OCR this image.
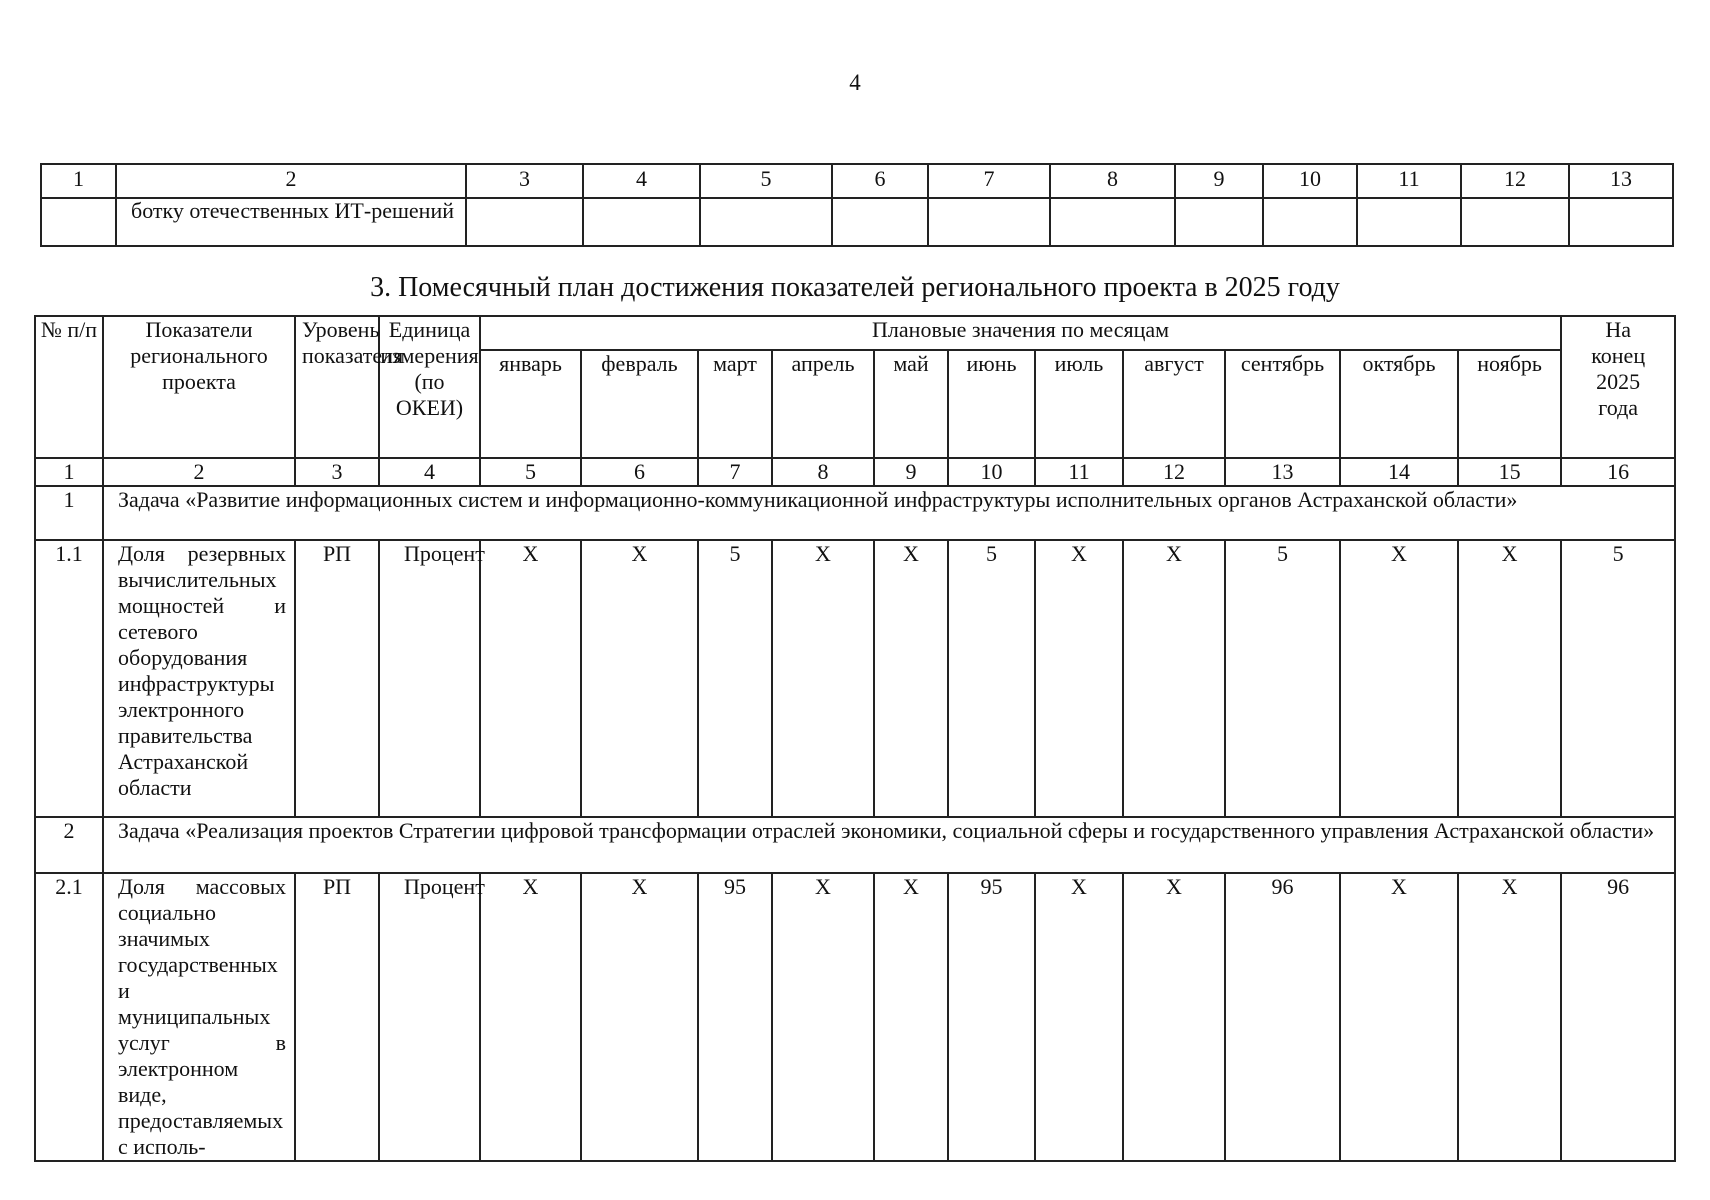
4
1	2	3	4	5	6	7	8	9	10	11	12	13
	ботку отечественных ИТ-решений											
3. Помесячный план достижения показателей регионального проекта в 2025 году
№ п/п	Показатели регионального проекта	Уровень показателя	Единица измерения (по ОКЕИ)	Плановые значения по месяцам											На конец 2025 года
				январь	февраль	март	апрель	май	июнь	июль	август	сентябрь	октябрь	ноябрь	
1	2	3	4	5	6	7	8	9	10	11	12	13	14	15	16
1	Задача «Развитие информационных систем и информационно-коммуникационной инфраструктуры исполнительных органов Астраханской области»														
1.1	Доля резервных вычислительных мощностей и сетевого оборудования инфраструктуры электронного правительства Астраханской области	РП	Процент	Х	Х	5	Х	Х	5	Х	Х	5	Х	Х	5
2	Задача «Реализация проектов Стратегии цифровой трансформации отраслей экономики, социальной сферы и государственного управления Астраханской области»														
2.1	Доля массовых социально значимых государственных и муниципальных услуг в электронном виде, предоставляемых с исполь-	РП	Процент	Х	Х	95	Х	Х	95	Х	Х	96	Х	Х	96
